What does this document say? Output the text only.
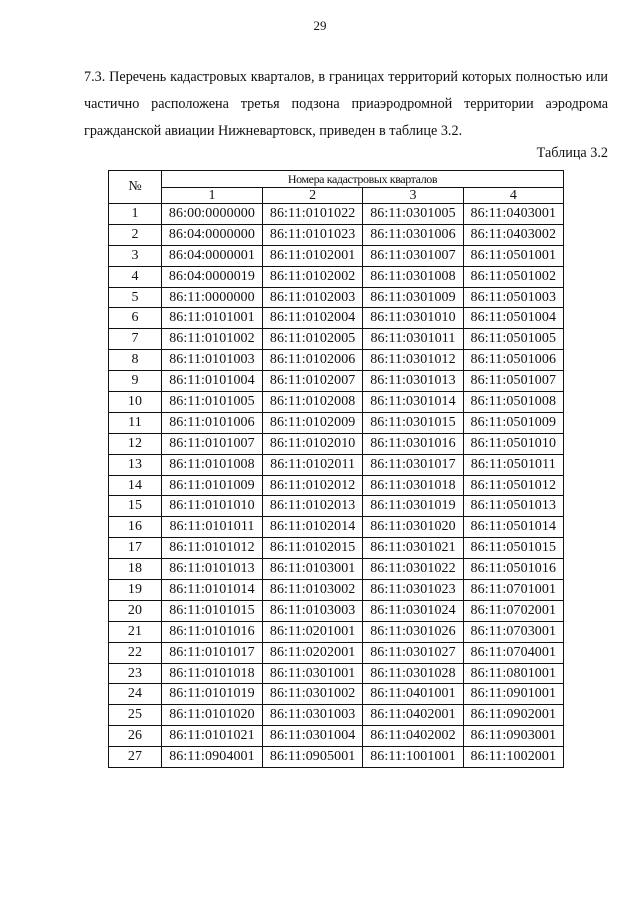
29

7.3. Перечень кадастровых кварталов, в границах территорий которых полностью или частично расположена третья подзона приаэродромной территории аэродрома гражданской авиации Нижневартовск, приведен в таблице 3.2.

Таблица 3.2
№	Номера кадастровых кварталов			
	1	2	3	4
1	86:00:0000000	86:11:0101022	86:11:0301005	86:11:0403001
2	86:04:0000000	86:11:0101023	86:11:0301006	86:11:0403002
3	86:04:0000001	86:11:0102001	86:11:0301007	86:11:0501001
4	86:04:0000019	86:11:0102002	86:11:0301008	86:11:0501002
5	86:11:0000000	86:11:0102003	86:11:0301009	86:11:0501003
6	86:11:0101001	86:11:0102004	86:11:0301010	86:11:0501004
7	86:11:0101002	86:11:0102005	86:11:0301011	86:11:0501005
8	86:11:0101003	86:11:0102006	86:11:0301012	86:11:0501006
9	86:11:0101004	86:11:0102007	86:11:0301013	86:11:0501007
10	86:11:0101005	86:11:0102008	86:11:0301014	86:11:0501008
11	86:11:0101006	86:11:0102009	86:11:0301015	86:11:0501009
12	86:11:0101007	86:11:0102010	86:11:0301016	86:11:0501010
13	86:11:0101008	86:11:0102011	86:11:0301017	86:11:0501011
14	86:11:0101009	86:11:0102012	86:11:0301018	86:11:0501012
15	86:11:0101010	86:11:0102013	86:11:0301019	86:11:0501013
16	86:11:0101011	86:11:0102014	86:11:0301020	86:11:0501014
17	86:11:0101012	86:11:0102015	86:11:0301021	86:11:0501015
18	86:11:0101013	86:11:0103001	86:11:0301022	86:11:0501016
19	86:11:0101014	86:11:0103002	86:11:0301023	86:11:0701001
20	86:11:0101015	86:11:0103003	86:11:0301024	86:11:0702001
21	86:11:0101016	86:11:0201001	86:11:0301026	86:11:0703001
22	86:11:0101017	86:11:0202001	86:11:0301027	86:11:0704001
23	86:11:0101018	86:11:0301001	86:11:0301028	86:11:0801001
24	86:11:0101019	86:11:0301002	86:11:0401001	86:11:0901001
25	86:11:0101020	86:11:0301003	86:11:0402001	86:11:0902001
26	86:11:0101021	86:11:0301004	86:11:0402002	86:11:0903001
27	86:11:0904001	86:11:0905001	86:11:1001001	86:11:1002001
